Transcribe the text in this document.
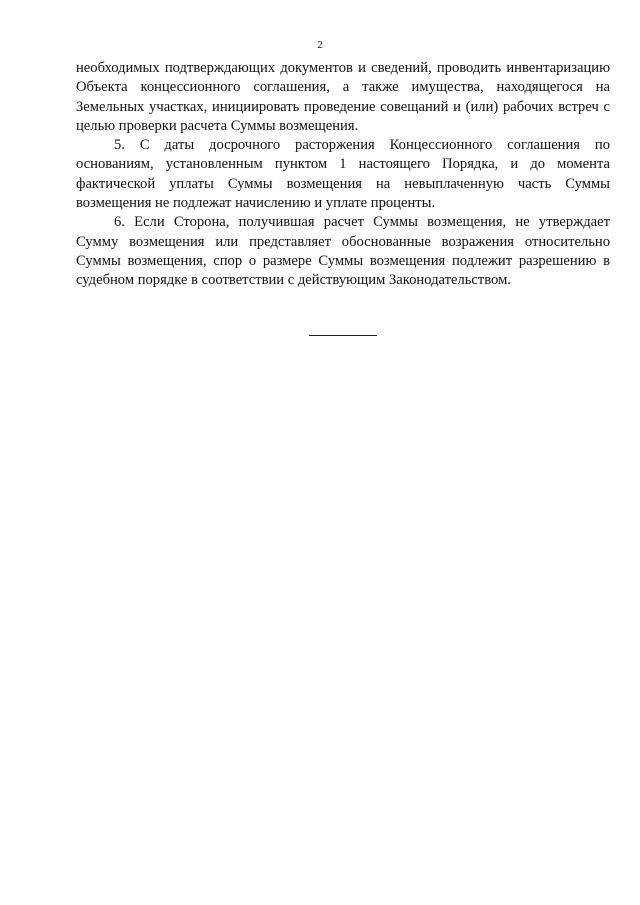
2

необходимых подтверждающих документов и сведений, проводить инвентаризацию Объекта концессионного соглашения, а также имущества, находящегося на Земельных участках, инициировать проведение совещаний и (или) рабочих встреч с целью проверки расчета Суммы возмещения.

5. С даты досрочного расторжения Концессионного соглашения по основаниям, установленным пунктом 1 настоящего Порядка, и до момента фактической уплаты Суммы возмещения на невыплаченную часть Суммы возмещения не подлежат начислению и уплате проценты.

6. Если Сторона, получившая расчет Суммы возмещения, не утверждает Сумму возмещения или представляет обоснованные возражения относительно Суммы возмещения, спор о размере Суммы возмещения подлежит разрешению в судебном порядке в соответствии с действующим Законодательством.
